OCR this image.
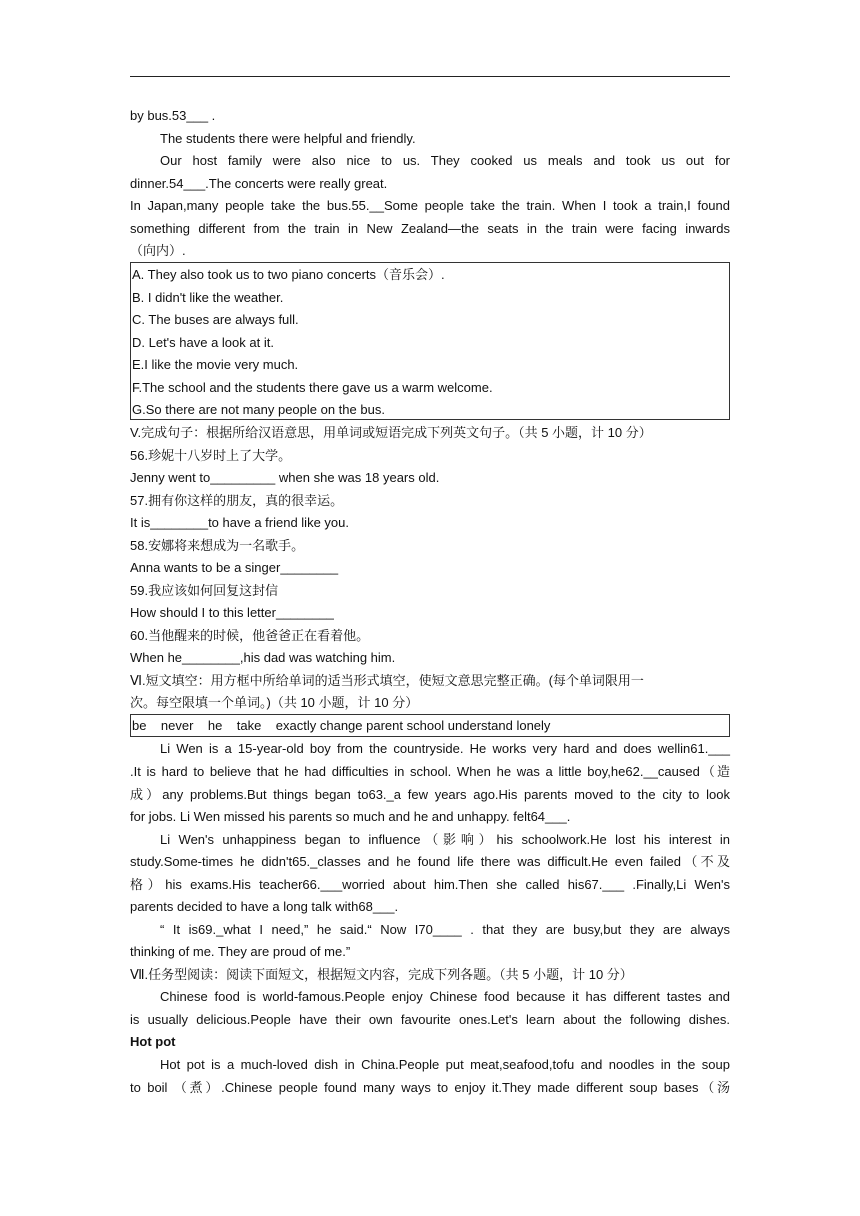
by bus.53___ .
The students there were helpful and friendly.
Our host family were also nice to us. They cooked us meals and took us out for
dinner.54___.The concerts were really great.
In Japan,many people take the bus.55.__Some people take the train. When I took a train,I found
something different from the train in New Zealand—the seats in the train were facing inwards
（向内）.
A. They also took us to two piano concerts（音乐会）.
B. I didn't like the weather.
C. The buses are always full.
D. Let's have a look at it.
E.I like the movie very much.
F.The school and the students there gave us a warm welcome.
G.So there are not many people on the bus.
V.完成句子：根据所给汉语意思，用单词或短语完成下列英文句子。（共 5 小题，计 10 分）
56.珍妮十八岁时上了大学。
Jenny went to_________ when she was 18 years old.
57.拥有你这样的朋友，真的很幸运。
It is________to have a friend like you.
58.安娜将来想成为一名歌手。
Anna wants to be a singer________
59.我应该如何回复这封信
How should I to this letter________
60.当他醒来的时候，他爸爸正在看着他。
When he________,his dad was watching him.
Ⅵ.短文填空：用方框中所给单词的适当形式填空，使短文意思完整正确。(每个单词限用一
次。每空限填一个单词。)（共 10 小题，计 10 分）
be    never    he    take    exactly change parent school understand lonely
Li Wen is a 15-year-old boy from the countryside. He works very hard and does wellin61.___
.It is hard to believe that he had difficulties in school. When he was a little boy,he62.__caused（造
成）any problems.But things began to63._a few years ago.His parents moved to the city to look
for jobs. Li Wen missed his parents so much and he and unhappy. felt64___.
Li Wen's unhappiness began to influence（影响）his schoolwork.He lost his interest in
study.Some-times he didn't65._classes and he found life there was difficult.He even failed（不及
格）his exams.His teacher66.___worried about him.Then she called his67.___ .Finally,Li Wen's
parents decided to have a long talk with68___.
“ It is69._what I need,” he said.“ Now I70____ . that they are busy,but they are always
thinking of me. They are proud of me.”
Ⅶ.任务型阅读：阅读下面短文，根据短文内容，完成下列各题。（共 5 小题，计 10 分）
Chinese food is world-famous.People enjoy Chinese food because it has different tastes and
is usually delicious.People have their own favourite ones.Let's learn about the following dishes.
Hot pot
Hot pot is a much-loved dish in China.People put meat,seafood,tofu and noodles in the soup
to boil （煮）.Chinese people found many ways to enjoy it.They made different soup bases（汤
